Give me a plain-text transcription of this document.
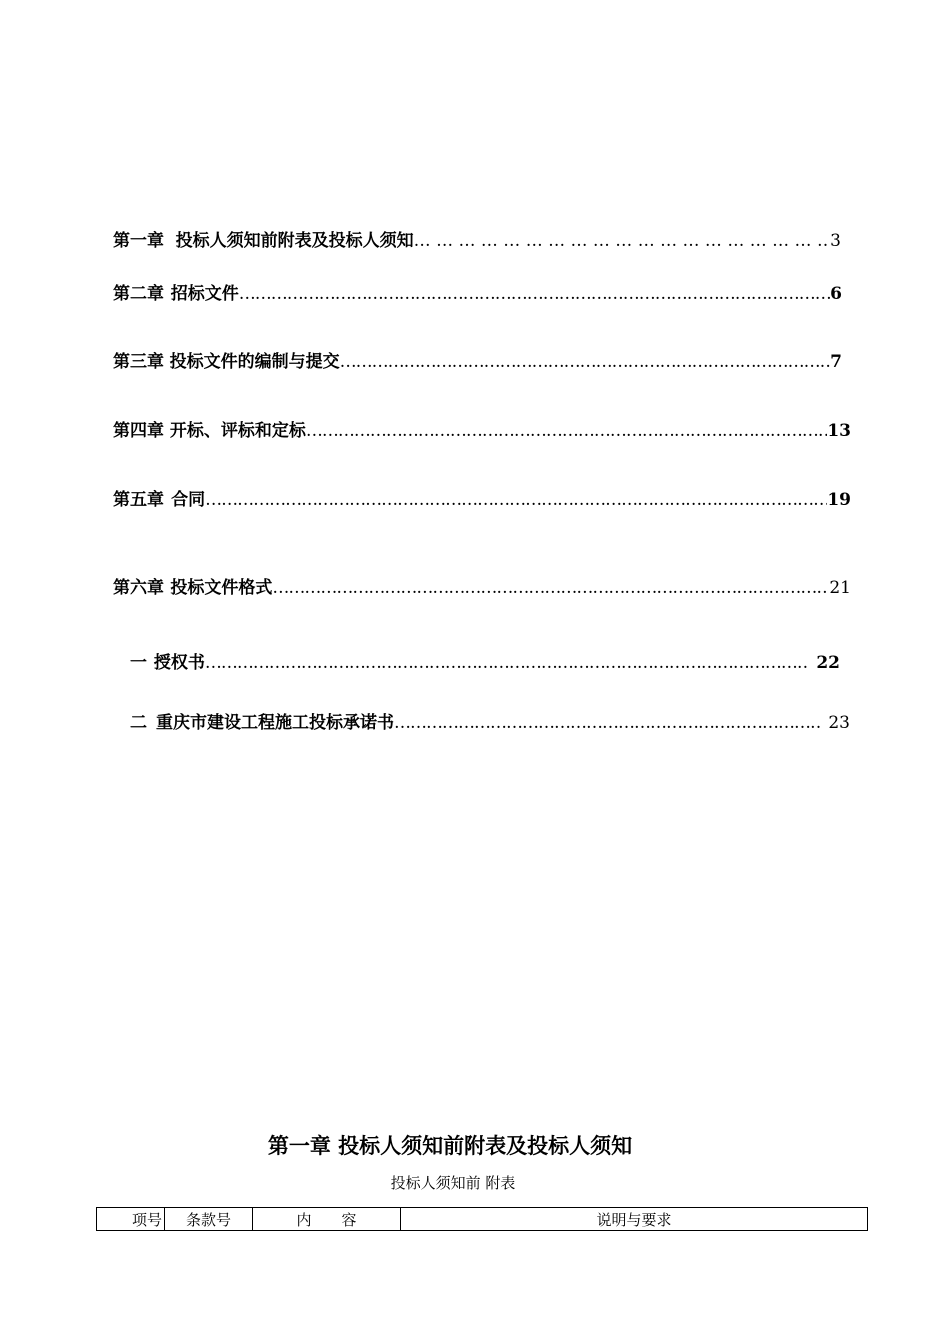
第一章 投标人须知前附表及投标人须知 … … … … … … … … … … … … … … … … … … … … … … … … … … … … … … … … … … … … … … … … … … … … … … … …	3
第二章 招标文件 ………………………………………………………………………………………………………………………………………………………………………………	6
第三章 投标文件的编制与提交 ………………………………………………………………………………………………………………………………………………………………………………	7
第四章 开标、评标和定标 ………………………………………………………………………………………………………………………………………………………………………………	13
第五章 合同 ………………………………………………………………………………………………………………………………………………………………………………	19
第六章 投标文件格式 ………………………………………………………………………………………………………………………………………………………………………………	21
一 授权书 ………………………………………………………………………………………………………………………………………………………………………………	22
二 重庆市建设工程施工投标承诺书 ………………………………………………………………………………………………………………………………………………………………………………	23
第一章 投标人须知前附表及投标人须知
投标人须知前 附表
项号	条款号	内　　容	说明与要求
